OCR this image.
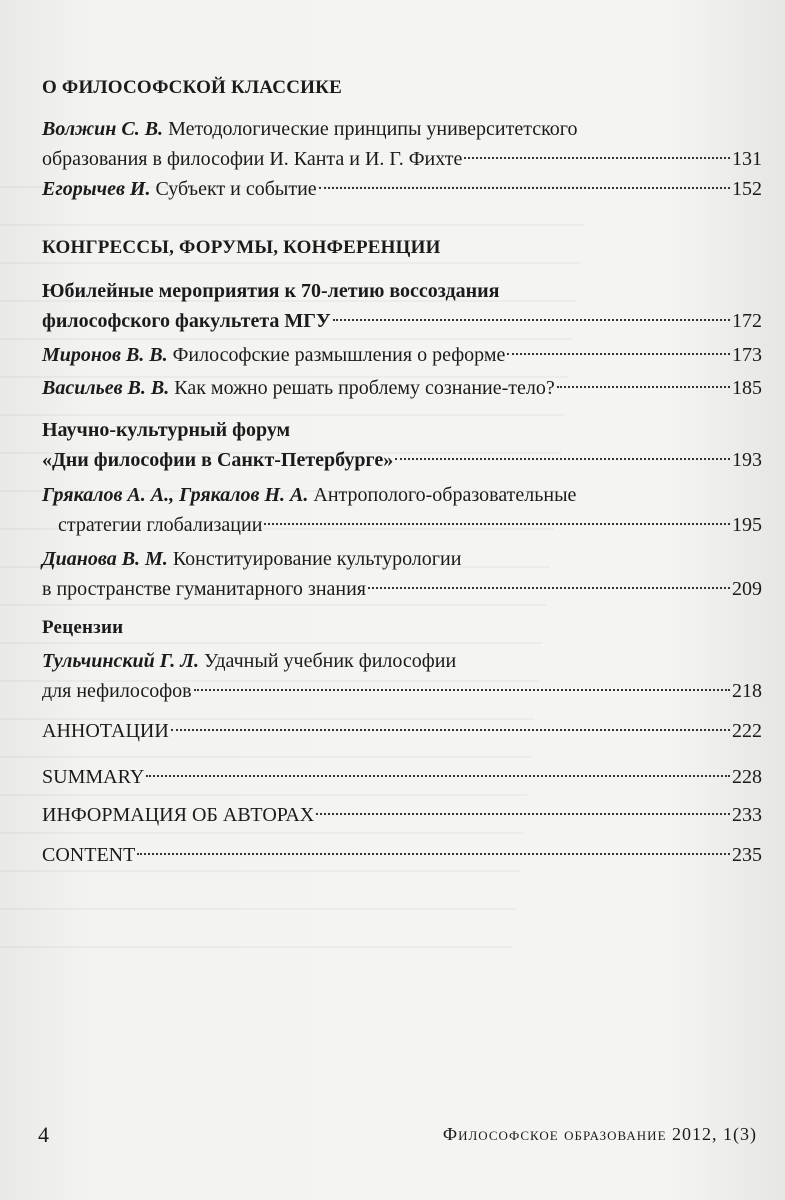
О ФИЛОСОФСКОЙ КЛАССИКЕ
Волжин С. В. Методологические принципы университетского
образования в философии И. Канта и И. Г. Фихте	131
Егорычев И. Субъект и событие	152
КОНГРЕССЫ, ФОРУМЫ, КОНФЕРЕНЦИИ
Юбилейные мероприятия к 70-летию воссоздания
философского факультета МГУ	172
Миронов В. В. Философские размышления о реформе	173
Васильев В. В. Как можно решать проблему сознание-тело?	185
Научно-культурный форум
«Дни философии в Санкт-Петербурге»	193
Грякалов А. А., Грякалов Н. А. Антрополого-образовательные
стратегии глобализации	195
Дианова В. М. Конституирование культурологии
в пространстве гуманитарного знания	209
Рецензии
Тульчинский Г. Л. Удачный учебник философии
для нефилософов	218
АННОТАЦИИ	222
SUMMARY	228
ИНФОРМАЦИЯ ОБ АВТОРАХ	233
CONTENT	235
4	Философское образование 2012, 1(3)
